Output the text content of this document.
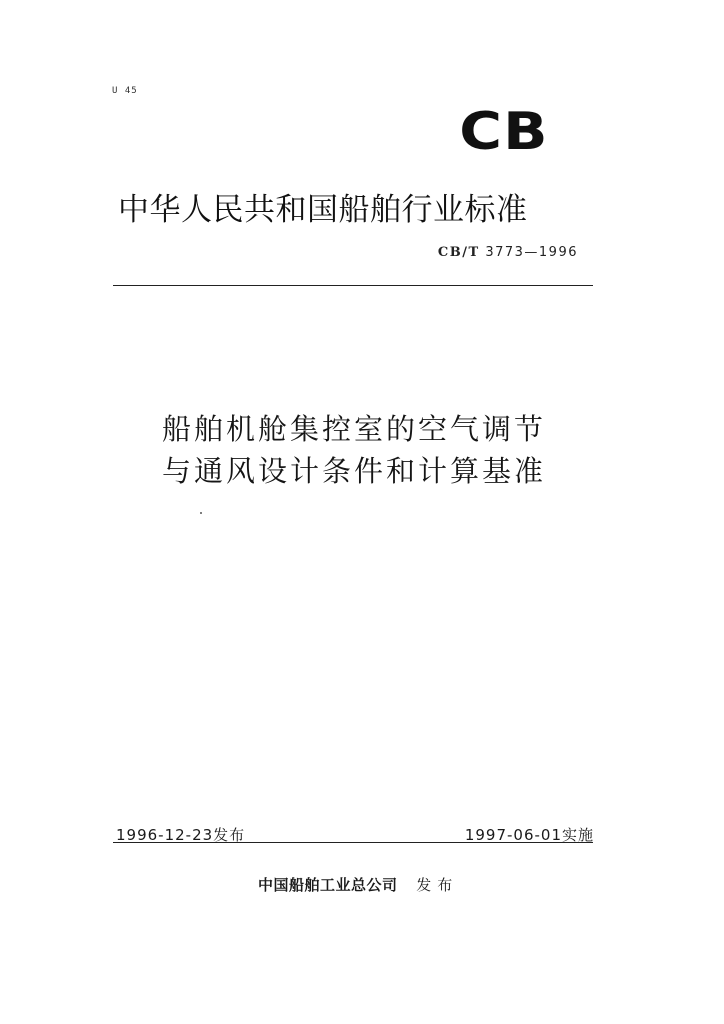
U 45
CB
中华人民共和国船舶行业标准
CB/T 3773—1996
船舶机舱集控室的空气调节
与通风设计条件和计算基准
1996-12-23发布	1997-06-01实施
中国船舶工业总公司 发布
